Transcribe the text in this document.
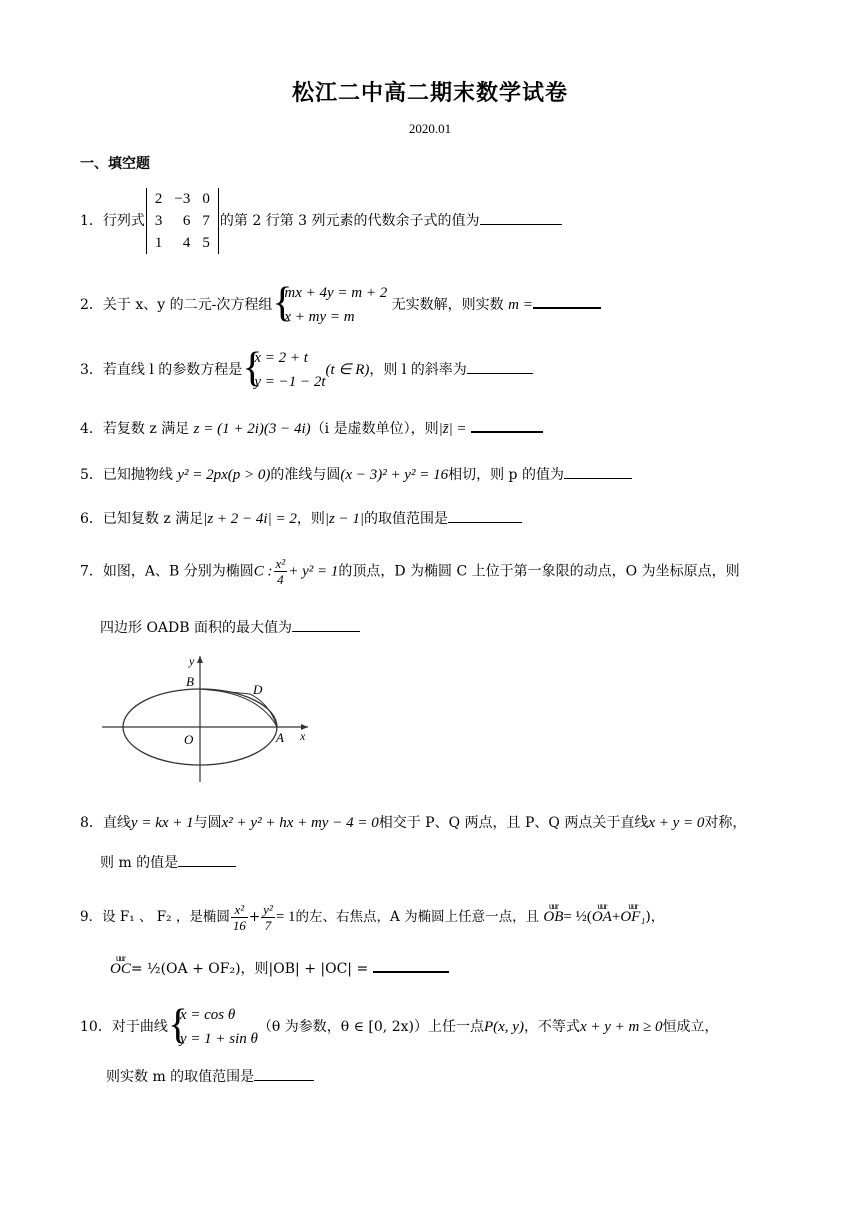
松江二中高二期末数学试卷
2020.01
一、填空题
1．行列式
2	−3	0
3	6	7
1	4	5
的第 2 行第 3 列元素的代数余子式的值为
2．关于 x、y 的二元-次方程组 {
mx + 4y = m + 2
x + my = m 无实数解，则实数 m =
3．若直线 l 的参数方程是 {
x = 2 + t
y = −1 − 2t(t ∈ R)，则 l 的斜率为
4．若复数 z 满足 z = (1 + 2i)(3 − 4i)（i 是虚数单位），则|z̄| =
5．已知抛物线 y² = 2px(p > 0)的准线与圆(x − 3)² + y² = 16相切，则 p 的值为
6．已知复数 z 满足|z + 2 − 4i| = 2，则|z − 1|的取值范围是
7．如图，A、B 分别为椭圆C : $\frac{\text{x²}}{4} + y^2 = 1$的顶点，D 为椭圆 C 上位于第一象限的动点，O 为坐标原点，则
四边形 OADB 面积的最大值为
y
B
D
O	A x
8．直线y = kx + 1与圆x² + y² + hx + my − 4 = 0相交于 P、Q 两点，且 P、Q 两点关于直线x + y = 0对称，
则 m 的值是
9．设 F₁ 、 F₂ ，是椭圆 $\frac{\text{x²}}{16} + \frac{\text{y²}}{7} = 1$的左、右焦点，A 为椭圆上任意一点，且
uur
OB= ½(
uur
OA+
uur
OF₁)，
uur
OC= ½(OA + OF₂)，则|OB| + |OC| =
10．对于曲线 {
x = cos θ
y = 1 + sin θ（θ 为参数，θ ∈ [0, 2x)）上任一点P(x, y)，不等式x + y + m ≥ 0恒成立，
则实数 m 的取值范围是
